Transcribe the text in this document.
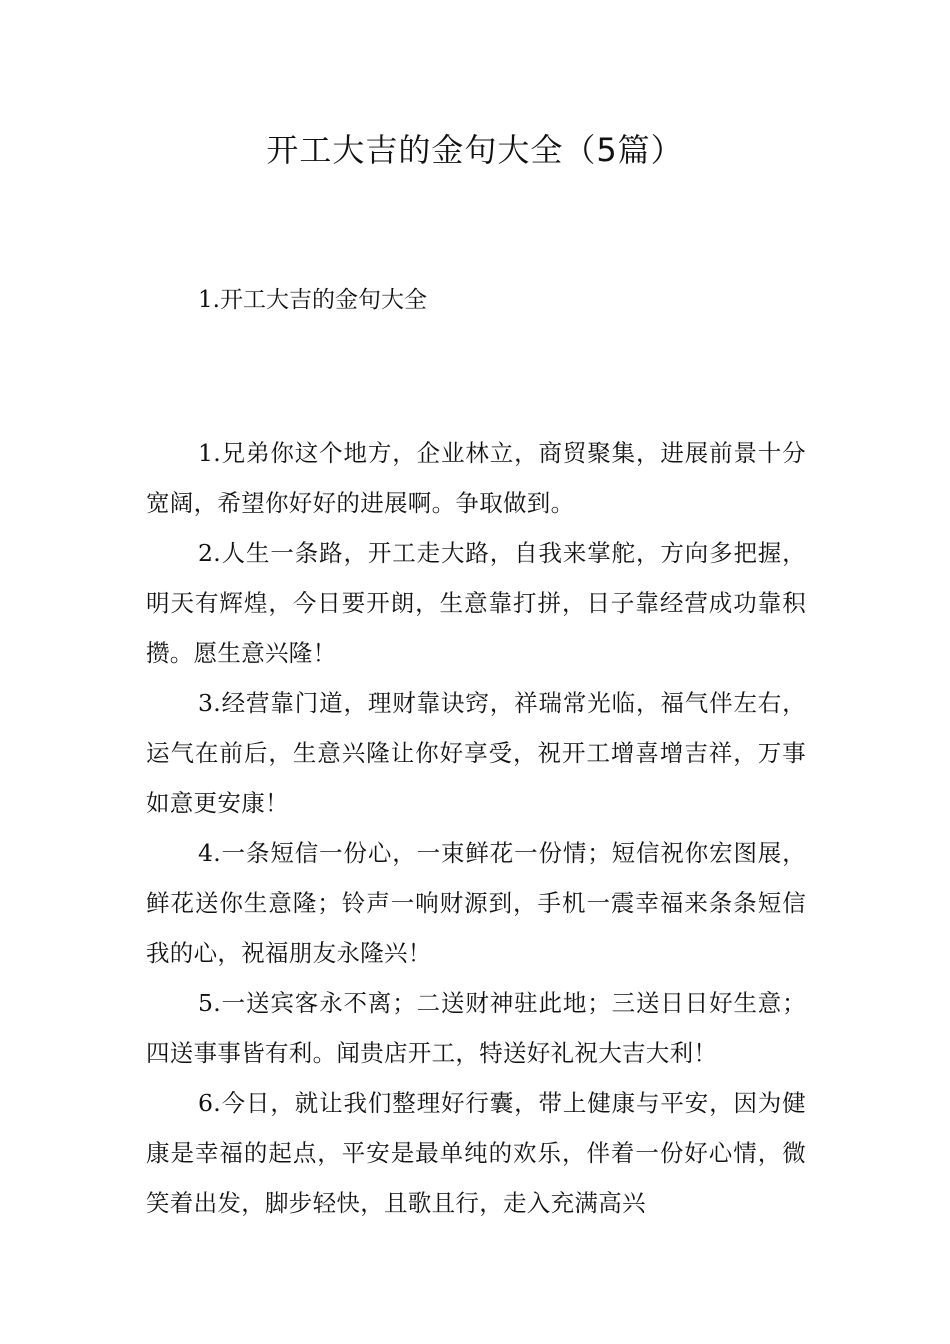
开工大吉的金句大全（5篇）
1.开工大吉的金句大全

1.兄弟你这个地方，企业林立，商贸聚集，进展前景十分宽阔，希望你好好的进展啊。争取做到。

2.人生一条路，开工走大路，自我来掌舵，方向多把握，明天有辉煌，今日要开朗，生意靠打拼，日子靠经营成功靠积攒。愿生意兴隆！

3.经营靠门道，理财靠诀窍，祥瑞常光临，福气伴左右，运气在前后，生意兴隆让你好享受，祝开工增喜增吉祥，万事如意更安康！

4.一条短信一份心，一束鲜花一份情；短信祝你宏图展，鲜花送你生意隆；铃声一响财源到，手机一震幸福来条条短信我的心，祝福朋友永隆兴！

5.一送宾客永不离；二送财神驻此地；三送日日好生意；四送事事皆有利。闻贵店开工，特送好礼祝大吉大利！

6.今日，就让我们整理好行囊，带上健康与平安，因为健康是幸福的起点，平安是最单纯的欢乐，伴着一份好心情，微笑着出发，脚步轻快，且歌且行，走入充满高兴
